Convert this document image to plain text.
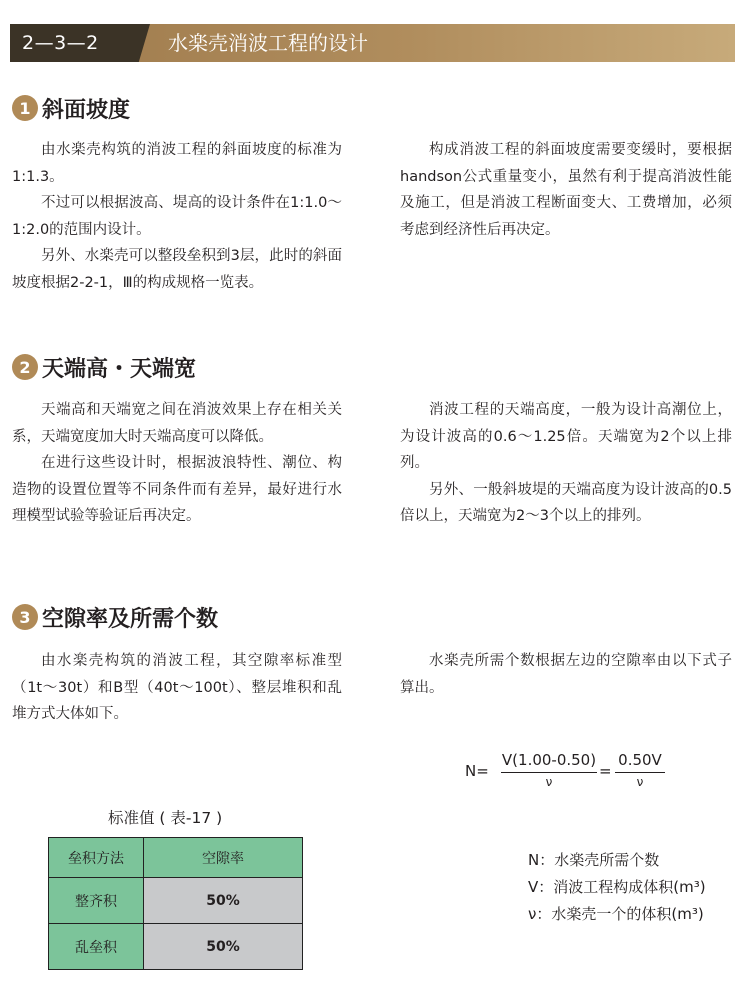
2—3—2	水楽壳消波工程的设计
1 斜面坡度
由水楽壳构筑的消波工程的斜面坡度的标准为1:1.3。
不过可以根据波高、堤高的设计条件在1:1.0～1:2.0的范围内设计。
另外、水楽壳可以整段垒积到3层，此时的斜面坡度根据2-2-1，Ⅲ的构成规格一览表。
构成消波工程的斜面坡度需要变缓时，要根据handson公式重量变小，虽然有利于提高消波性能及施工，但是消波工程断面变大、工费增加，必须考虑到经济性后再决定。
2 天端高・天端宽
天端高和天端宽之间在消波效果上存在相关关系，天端宽度加大时天端高度可以降低。
在进行这些设计时，根据波浪特性、潮位、构造物的设置位置等不同条件而有差异，最好进行水理模型试验等验证后再决定。
消波工程的天端高度，一般为设计高潮位上，为设计波高的0.6～1.25倍。天端宽为2个以上排列。
另外、一般斜坡堤的天端高度为设计波高的0.5倍以上，天端宽为2～3个以上的排列。
3 空隙率及所需个数
由水楽壳构筑的消波工程，其空隙率标准型（1t～30t）和B型（40t～100t）、整层堆积和乱堆方式大体如下。
水楽壳所需个数根据左边的空隙率由以下式子算出。
N=
V(1.00-0.50)
ν
=
0.50V
ν
N：水楽壳所需个数
V：消波工程构成体积(m³)
ν：水楽壳一个的体积(m³)
标准值 ( 表-17 )
垒积方法	空隙率
整齐积	50%
乱垒积	50%
